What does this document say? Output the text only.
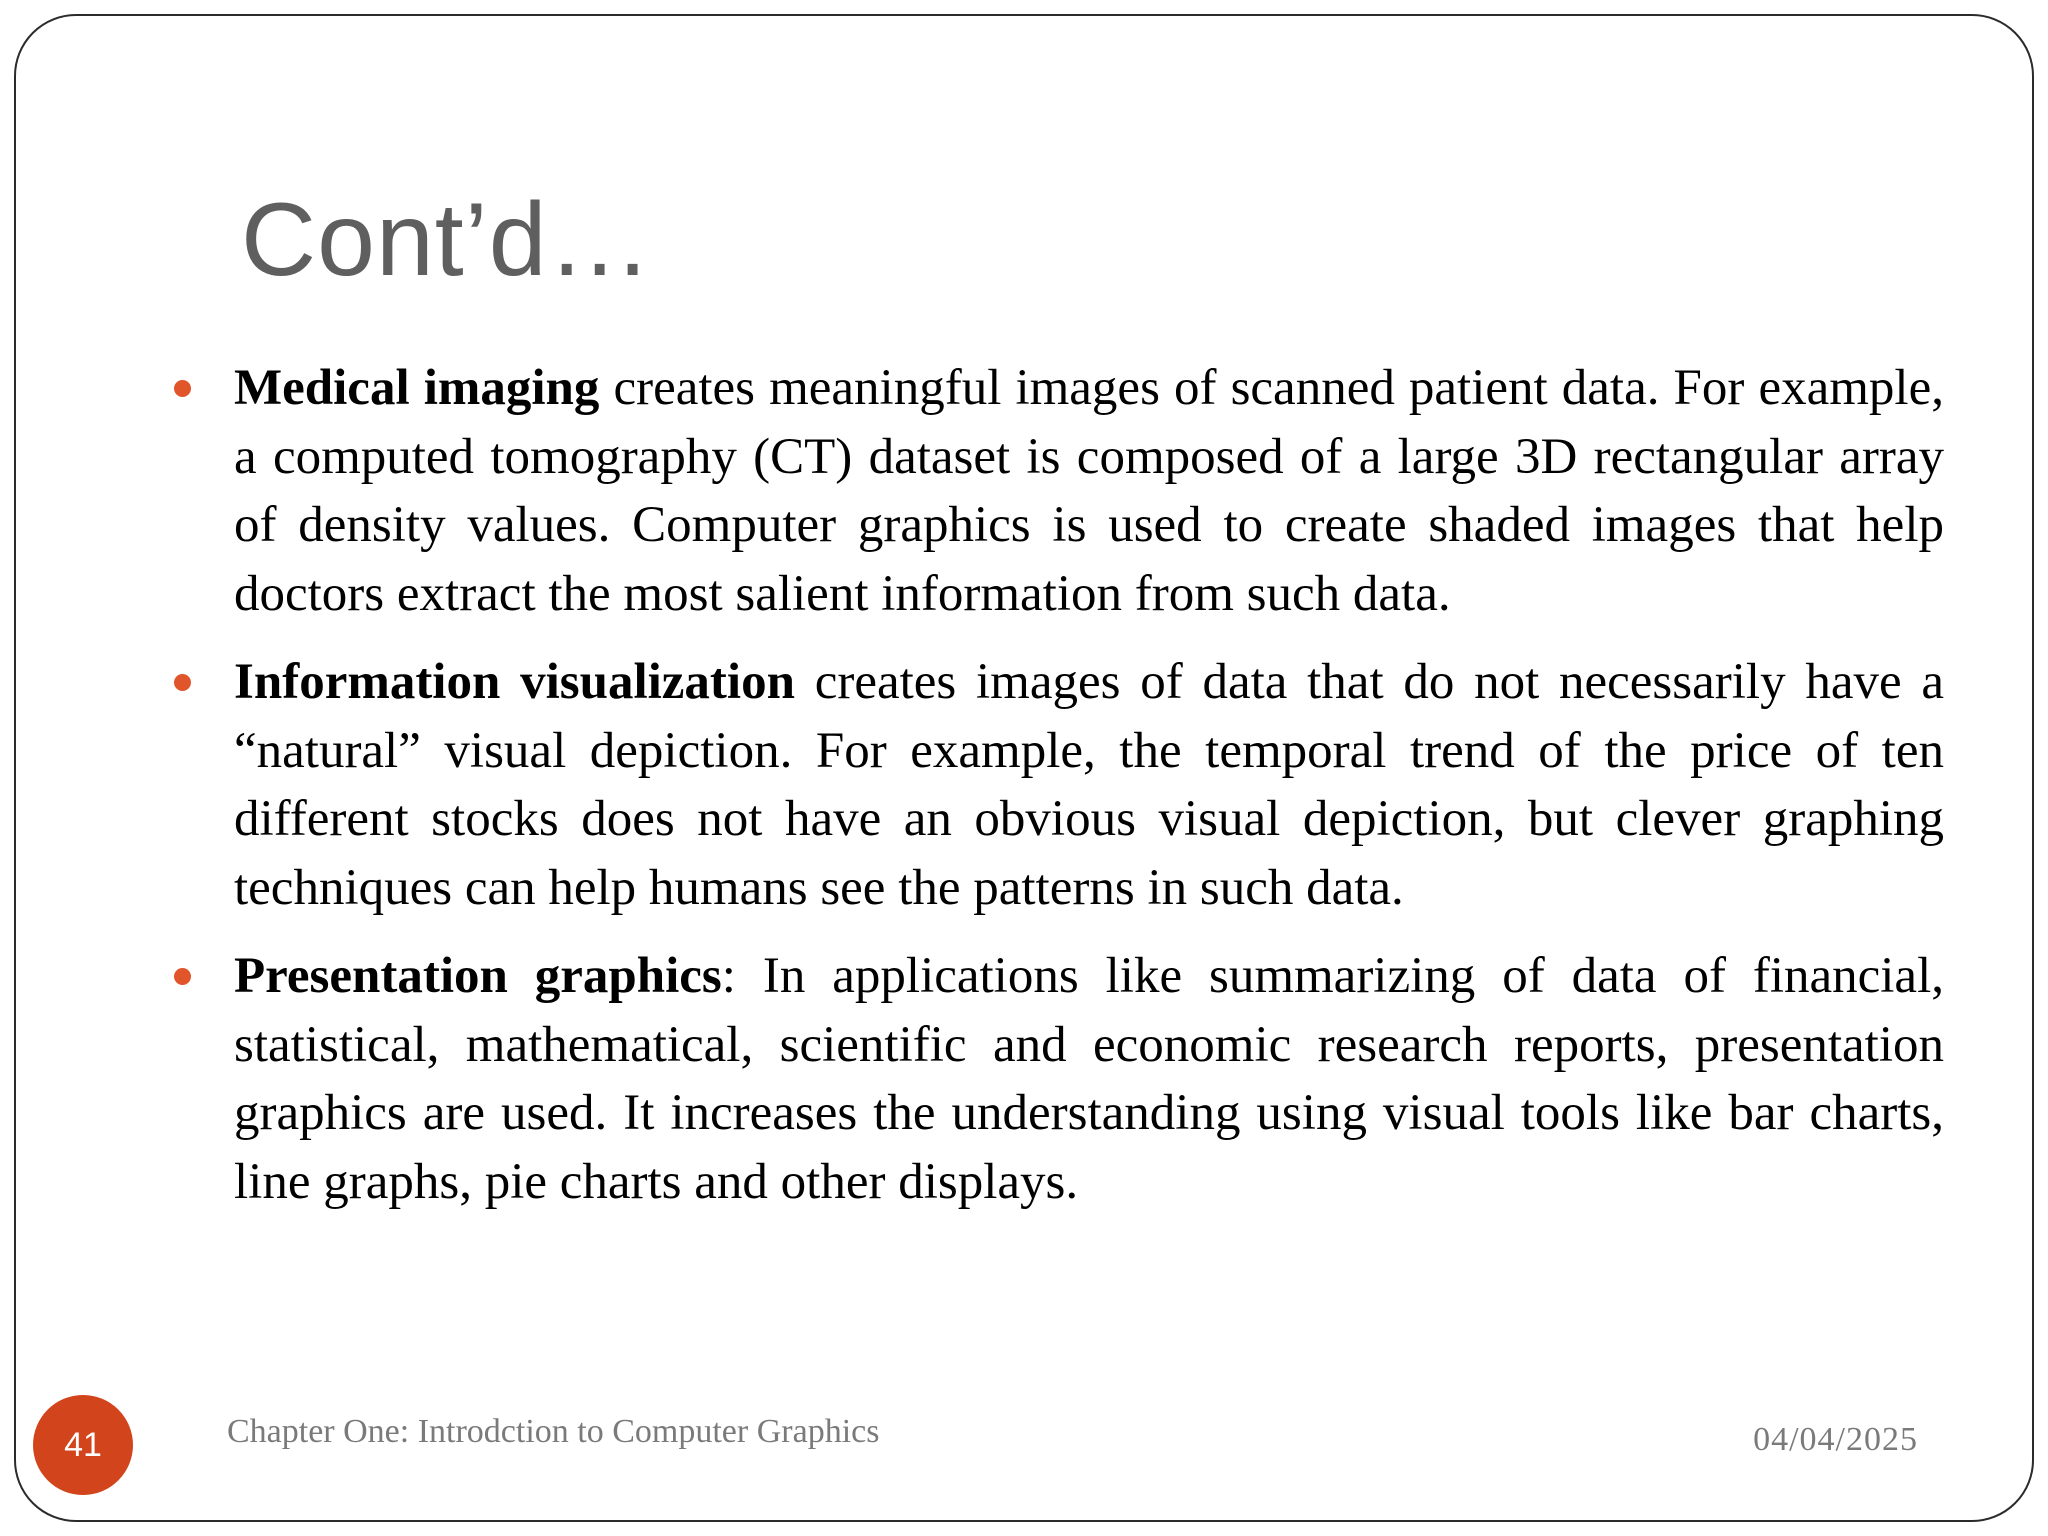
Cont’d…
Medical imaging creates meaningful images of scanned patient data. For example, a computed tomography (CT) dataset is composed of a large 3D rectangular array of density values. Computer graphics is used to create shaded images that help doctors extract the most salient information from such data.
Information visualization creates images of data that do not necessarily have a “natural” visual depiction. For example, the temporal trend of the price of ten different stocks does not have an obvious visual depiction, but clever graphing techniques can help humans see the patterns in such data.
Presentation graphics: In applications like summarizing of data of financial, statistical, mathematical, scientific and economic research reports, presentation graphics are used. It increases the understanding using visual tools like bar charts, line graphs, pie charts and other displays.
41	Chapter One: Introdction to Computer Graphics	04/04/2025
